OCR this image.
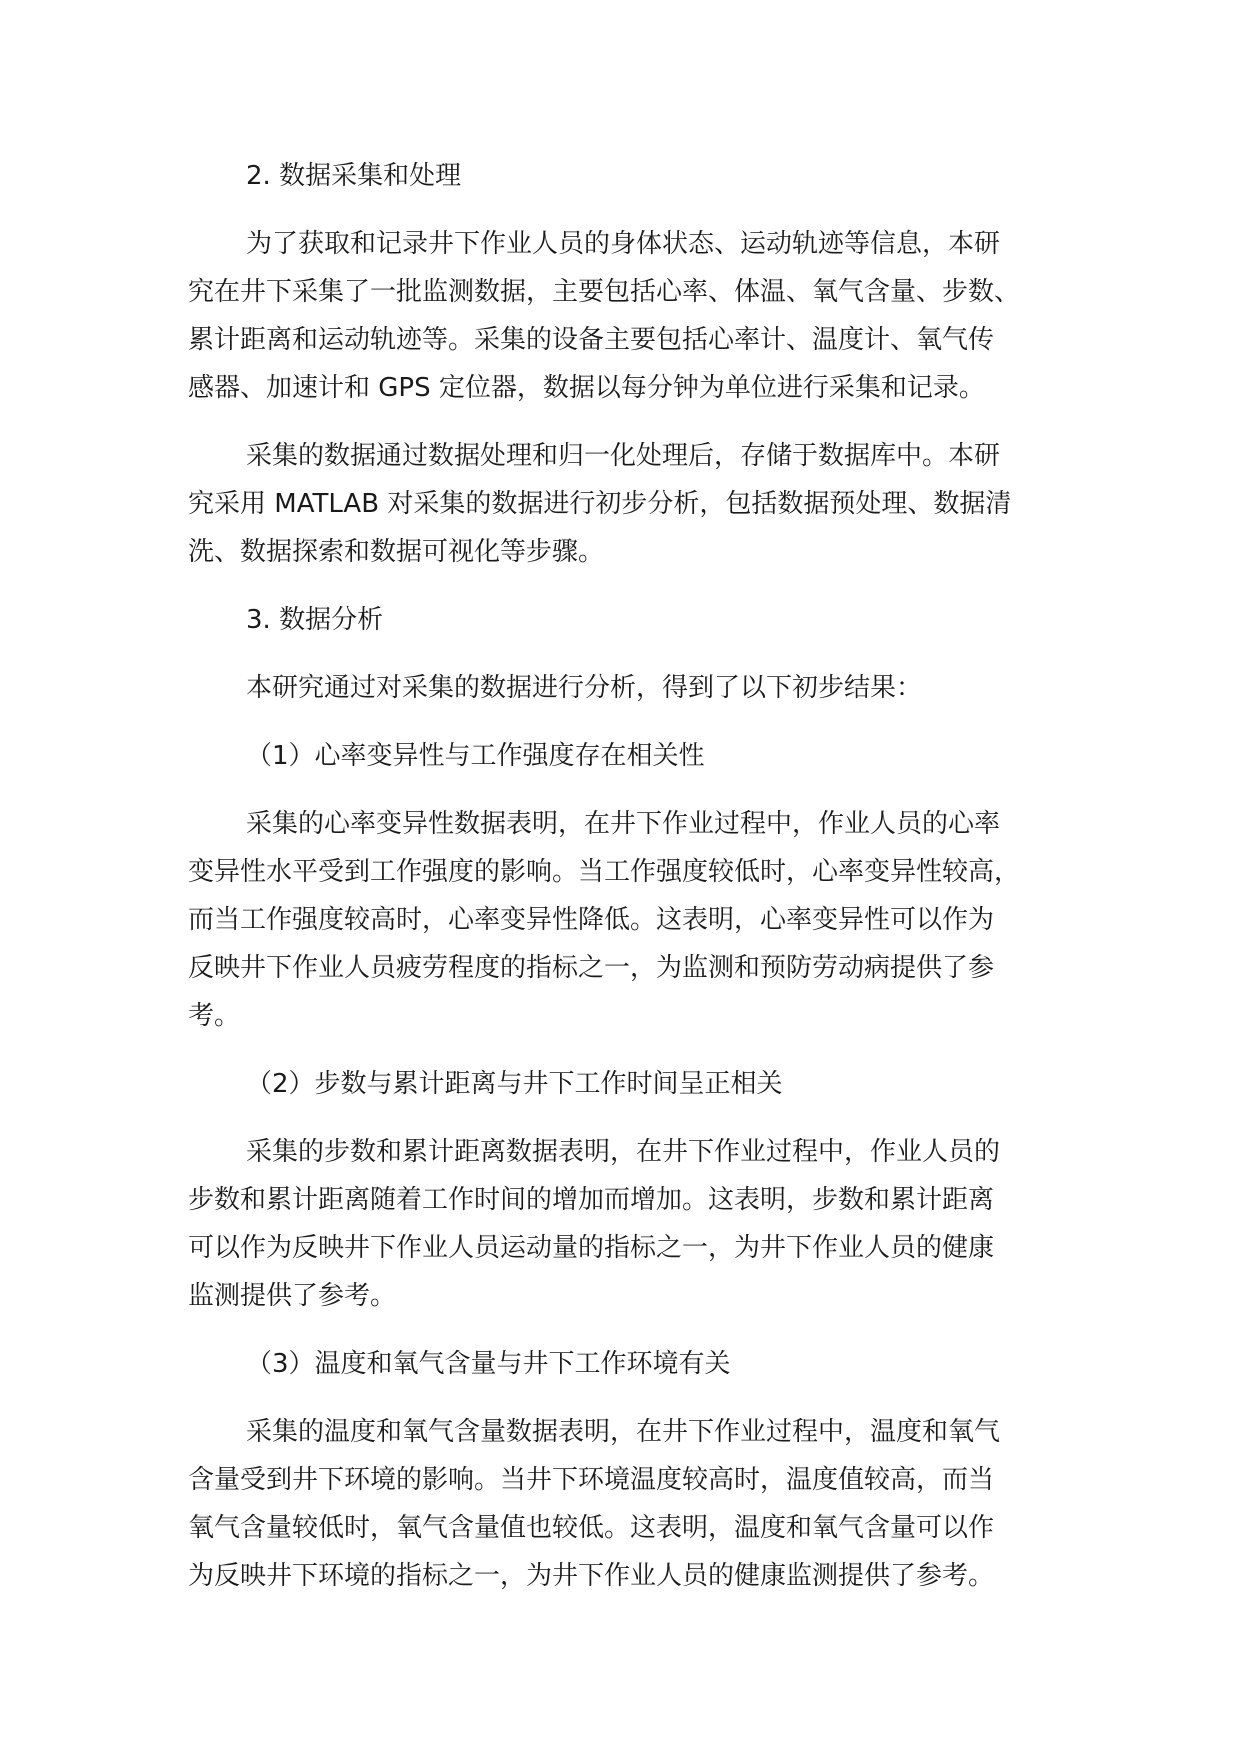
2. 数据采集和处理
为了获取和记录井下作业人员的身体状态、运动轨迹等信息，本研
究在井下采集了一批监测数据，主要包括心率、体温、氧气含量、步数、
累计距离和运动轨迹等。采集的设备主要包括心率计、温度计、氧气传
感器、加速计和 GPS 定位器，数据以每分钟为单位进行采集和记录。
采集的数据通过数据处理和归一化处理后，存储于数据库中。本研
究采用 MATLAB 对采集的数据进行初步分析，包括数据预处理、数据清
洗、数据探索和数据可视化等步骤。
3. 数据分析
本研究通过对采集的数据进行分析，得到了以下初步结果：
（1）心率变异性与工作强度存在相关性
采集的心率变异性数据表明，在井下作业过程中，作业人员的心率
变异性水平受到工作强度的影响。当工作强度较低时，心率变异性较高，
而当工作强度较高时，心率变异性降低。这表明，心率变异性可以作为
反映井下作业人员疲劳程度的指标之一，为监测和预防劳动病提供了参
考。
（2）步数与累计距离与井下工作时间呈正相关
采集的步数和累计距离数据表明，在井下作业过程中，作业人员的
步数和累计距离随着工作时间的增加而增加。这表明，步数和累计距离
可以作为反映井下作业人员运动量的指标之一，为井下作业人员的健康
监测提供了参考。
（3）温度和氧气含量与井下工作环境有关
采集的温度和氧气含量数据表明，在井下作业过程中，温度和氧气
含量受到井下环境的影响。当井下环境温度较高时，温度值较高，而当
氧气含量较低时，氧气含量值也较低。这表明，温度和氧气含量可以作
为反映井下环境的指标之一，为井下作业人员的健康监测提供了参考。
